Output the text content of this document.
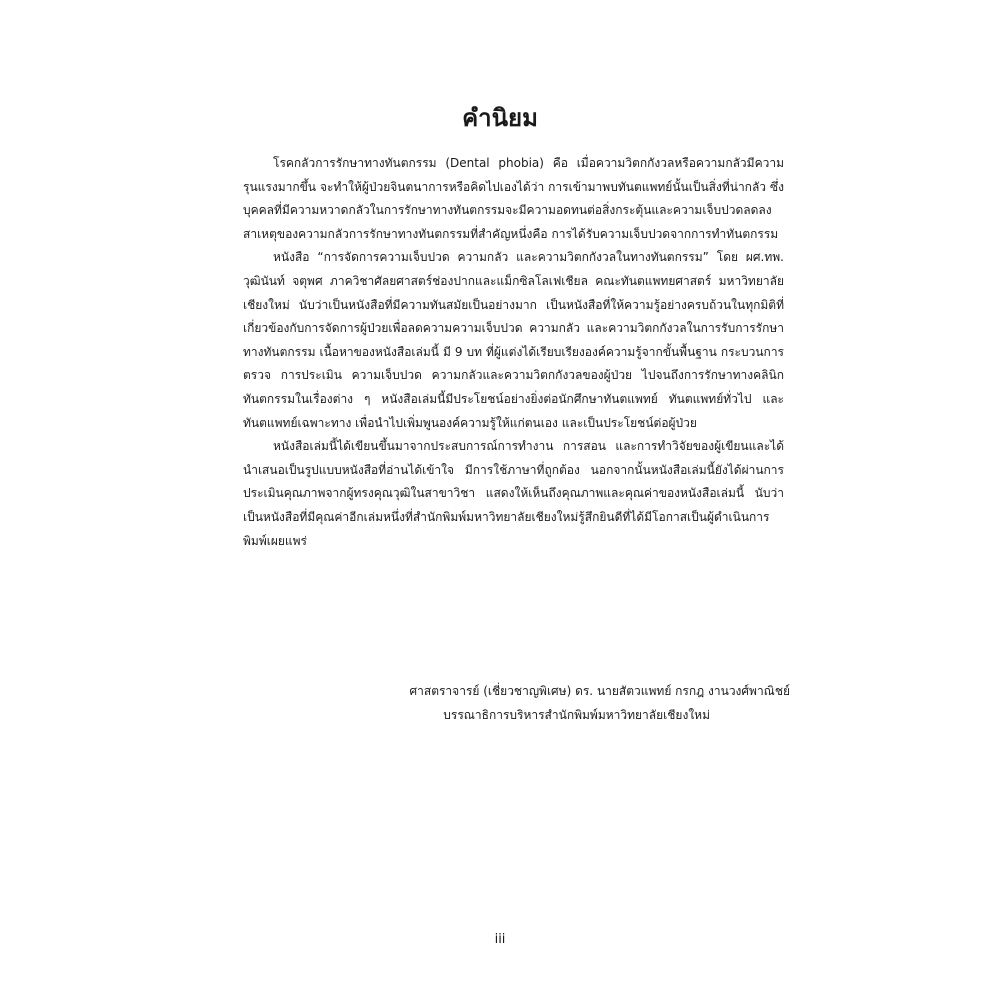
คำนิยม

โรคกลัวการรักษาทางทันตกรรม (Dental phobia) คือ เมื่อความวิตกกังวลหรือความกลัวมีความรุนแรงมากขึ้น จะทำให้ผู้ป่วยจินตนาการหรือคิดไปเองได้ว่า การเข้ามาพบทันตแพทย์นั้นเป็นสิ่งที่น่ากลัว ซึ่งบุคคลที่มีความหวาดกลัวในการรักษาทางทันตกรรมจะมีความอดทนต่อสิ่งกระตุ้นและความเจ็บปวดลดลง สาเหตุของความกลัวการรักษาทางทันตกรรมที่สำคัญหนึ่งคือ การได้รับความเจ็บปวดจากการทำทันตกรรม

หนังสือ “การจัดการความเจ็บปวด ความกลัว และความวิตกกังวลในทางทันตกรรม” โดย ผศ.ทพ. วุฒินันท์ จตุพศ ภาควิชาศัลยศาสตร์ช่องปากและแม็กซิลโลเฟเชียล คณะทันตแพทยศาสตร์ มหาวิทยาลัยเชียงใหม่ นับว่าเป็นหนังสือที่มีความทันสมัยเป็นอย่างมาก เป็นหนังสือที่ให้ความรู้อย่างครบถ้วนในทุกมิติที่เกี่ยวข้องกับการจัดการผู้ป่วยเพื่อลดความความเจ็บปวด ความกลัว และความวิตกกังวลในการรับการรักษาทางทันตกรรม เนื้อหาของหนังสือเล่มนี้ มี 9 บท ที่ผู้แต่งได้เรียบเรียงองค์ความรู้จากขั้นพื้นฐาน กระบวนการตรวจ การประเมิน ความเจ็บปวด ความกลัวและความวิตกกังวลของผู้ป่วย ไปจนถึงการรักษาทางคลินิกทันตกรรมในเรื่องต่าง ๆ หนังสือเล่มนี้มีประโยชน์อย่างยิ่งต่อนักศึกษาทันตแพทย์ ทันตแพทย์ทั่วไป และทันตแพทย์เฉพาะทาง เพื่อนำไปเพิ่มพูนองค์ความรู้ให้แก่ตนเอง และเป็นประโยชน์ต่อผู้ป่วย

หนังสือเล่มนี้ได้เขียนขึ้นมาจากประสบการณ์การทำงาน การสอน และการทำวิจัยของผู้เขียนและได้นำเสนอเป็นรูปแบบหนังสือที่อ่านได้เข้าใจ มีการใช้ภาษาที่ถูกต้อง นอกจากนั้นหนังสือเล่มนี้ยังได้ผ่านการประเมินคุณภาพจากผู้ทรงคุณวุฒิในสาขาวิชา แสดงให้เห็นถึงคุณภาพและคุณค่าของหนังสือเล่มนี้ นับว่าเป็นหนังสือที่มีคุณค่าอีกเล่มหนึ่งที่สำนักพิมพ์มหาวิทยาลัยเชียงใหม่รู้สึกยินดีที่ได้มีโอกาสเป็นผู้ดำเนินการพิมพ์เผยแพร่

ศาสตราจารย์ (เชี่ยวชาญพิเศษ) ดร. นายสัตวแพทย์ กรกฎ งานวงศ์พาณิชย์
บรรณาธิการบริหารสำนักพิมพ์มหาวิทยาลัยเชียงใหม่
iii
